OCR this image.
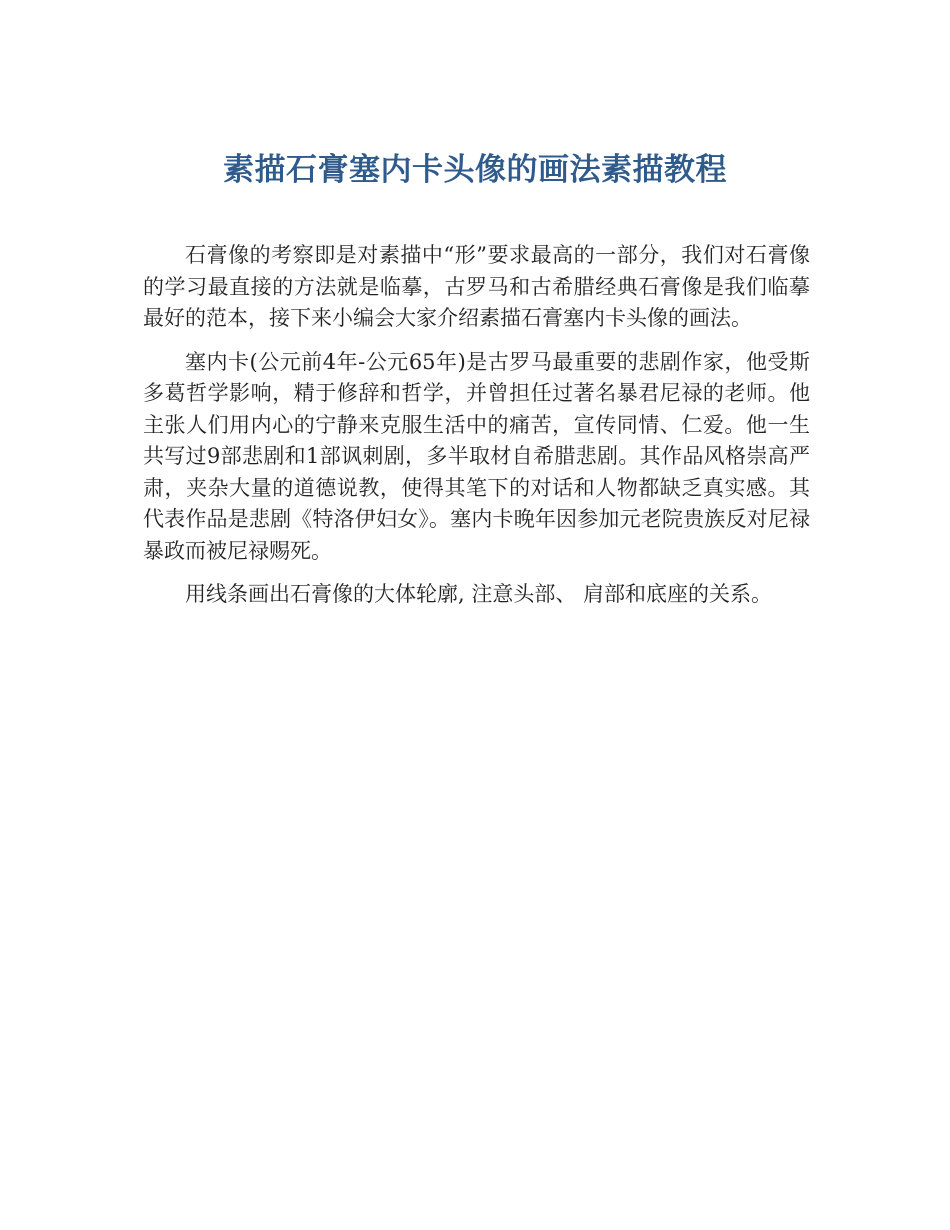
素描石膏塞内卡头像的画法素描教程

石膏像的考察即是对素描中“形”要求最高的一部分，我们对石膏像的学习最直接的方法就是临摹，古罗马和古希腊经典石膏像是我们临摹最好的范本，接下来小编会大家介绍素描石膏塞内卡头像的画法。

塞内卡(公元前4年-公元65年)是古罗马最重要的悲剧作家，他受斯多葛哲学影响，精于修辞和哲学，并曾担任过著名暴君尼禄的老师。他主张人们用内心的宁静来克服生活中的痛苦，宣传同情、仁爱。他一生共写过9部悲剧和1部讽刺剧，多半取材自希腊悲剧。其作品风格崇高严肃，夹杂大量的道德说教，使得其笔下的对话和人物都缺乏真实感。其代表作品是悲剧《特洛伊妇女》。塞内卡晚年因参加元老院贵族反对尼禄暴政而被尼禄赐死。

用线条画出石膏像的大体轮廓, 注意头部、 肩部和底座的关系。
